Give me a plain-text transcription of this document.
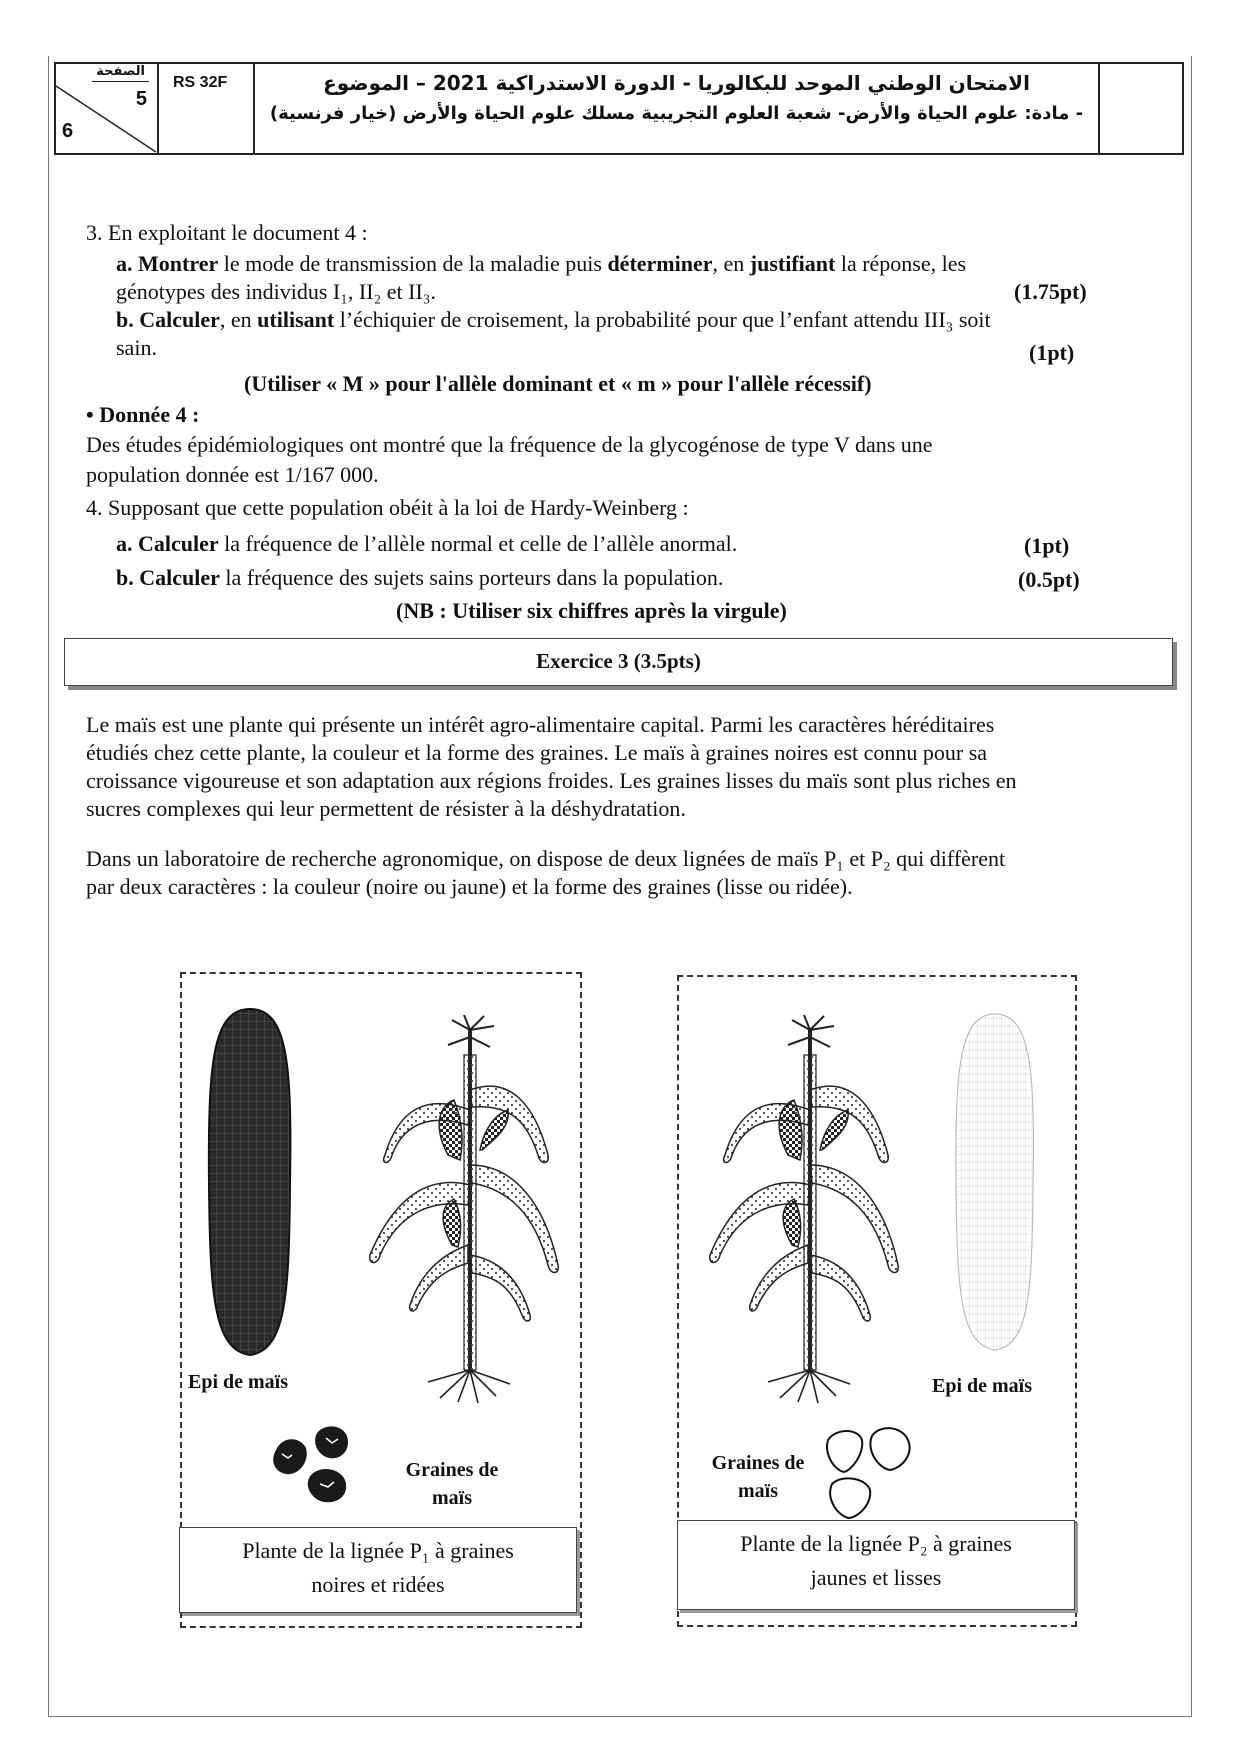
الصفحة
5
6
RS 32F	الامتحان الوطني الموحد للبكالوريا - الدورة الاستدراكية 2021 – الموضوع
- مادة: علوم الحياة والأرض- شعبة العلوم التجريبية مسلك علوم الحياة والأرض (خيار فرنسية)
3. En exploitant le document 4 :
a. Montrer le mode de transmission de la maladie puis déterminer, en justifiant la réponse, les
génotypes des individus I₁, II₂ et II₃.	(1.75pt)
b. Calculer, en utilisant l’échiquier de croisement, la probabilité pour que l’enfant attendu III₃ soit
sain.	(1pt)
(Utiliser « M » pour l'allèle dominant et « m » pour l'allèle récessif)
• Donnée 4 :
Des études épidémiologiques ont montré que la fréquence de la glycogénose de type V dans une
population donnée est 1/167 000.
4. Supposant que cette population obéit à la loi de Hardy-Weinberg :
a. Calculer la fréquence de l’allèle normal et celle de l’allèle anormal.	(1pt)
b. Calculer la fréquence des sujets sains porteurs dans la population.	(0.5pt)
(NB : Utiliser six chiffres après la virgule)
Exercice 3 (3.5pts)
Le maïs est une plante qui présente un intérêt agro-alimentaire capital. Parmi les caractères héréditaires
étudiés chez cette plante, la couleur et la forme des graines. Le maïs à graines noires est connu pour sa
croissance vigoureuse et son adaptation aux régions froides. Les graines lisses du maïs sont plus riches en
sucres complexes qui leur permettent de résister à la déshydratation.
Dans un laboratoire de recherche agronomique, on dispose de deux lignées de maïs P₁ et P₂ qui diffèrent
par deux caractères : la couleur (noire ou jaune) et la forme des graines (lisse ou ridée).
Epi de maïs
Graines de
maïs
Plante de la lignée P₁ à graines
noires et ridées
Epi de maïs
Graines de
maïs
Plante de la lignée P₂ à graines
jaunes et lisses
